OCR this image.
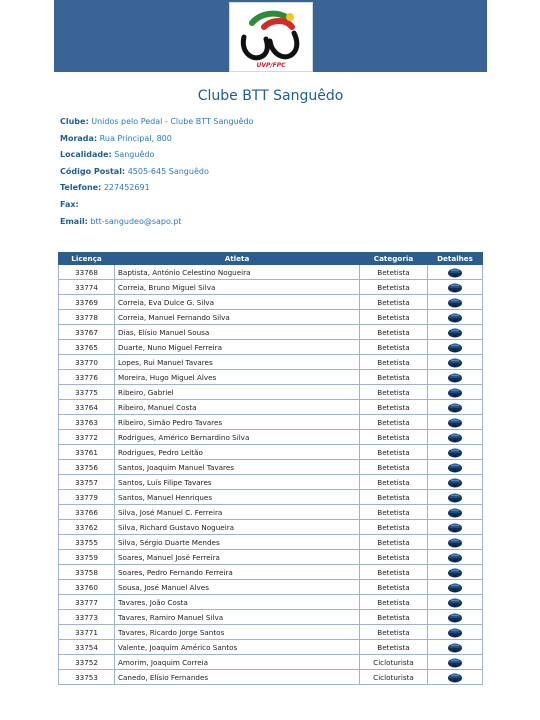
UVP/FPC
Clube BTT Sanguêdo
Clube: Unidos pelo Pedal - Clube BTT Sanguêdo
Morada: Rua Principal, 800
Localidade: Sanguêdo
Código Postal: 4505-645 Sanguêdo
Telefone: 227452691
Fax:
Email: btt-sangudeo@sapo.pt
Licença	Atleta	Categoria	Detalhes
33768	Baptista, António Celestino Nogueira	Betetista	
33774	Correia, Bruno Miguel Silva	Betetista	
33769	Correia, Eva Dulce G. Silva	Betetista	
33778	Correia, Manuel Fernando Silva	Betetista	
33767	Dias, Elísio Manuel Sousa	Betetista	
33765	Duarte, Nuno Miguel Ferreira	Betetista	
33770	Lopes, Rui Manuel Tavares	Betetista	
33776	Moreira, Hugo Miguel Alves	Betetista	
33775	Ribeiro, Gabriel	Betetista	
33764	Ribeiro, Manuel Costa	Betetista	
33763	Ribeiro, Simão Pedro Tavares	Betetista	
33772	Rodrigues, Américo Bernardino Silva	Betetista	
33761	Rodrigues, Pedro Leitão	Betetista	
33756	Santos, Joaquim Manuel Tavares	Betetista	
33757	Santos, Luís Filipe Tavares	Betetista	
33779	Santos, Manuel Henriques	Betetista	
33766	Silva, José Manuel C. Ferreira	Betetista	
33762	Silva, Richard Gustavo Nogueira	Betetista	
33755	Silva, Sérgio Duarte Mendes	Betetista	
33759	Soares, Manuel José Ferreira	Betetista	
33758	Soares, Pedro Fernando Ferreira	Betetista	
33760	Sousa, José Manuel Alves	Betetista	
33777	Tavares, João Costa	Betetista	
33773	Tavares, Ramiro Manuel Silva	Betetista	
33771	Tavares, Ricardo Jorge Santos	Betetista	
33754	Valente, Joaquim Américo Santos	Betetista	
33752	Amorim, Joaquim Correia	Cicloturista	
33753	Canedo, Elísio Fernandes	Cicloturista	
